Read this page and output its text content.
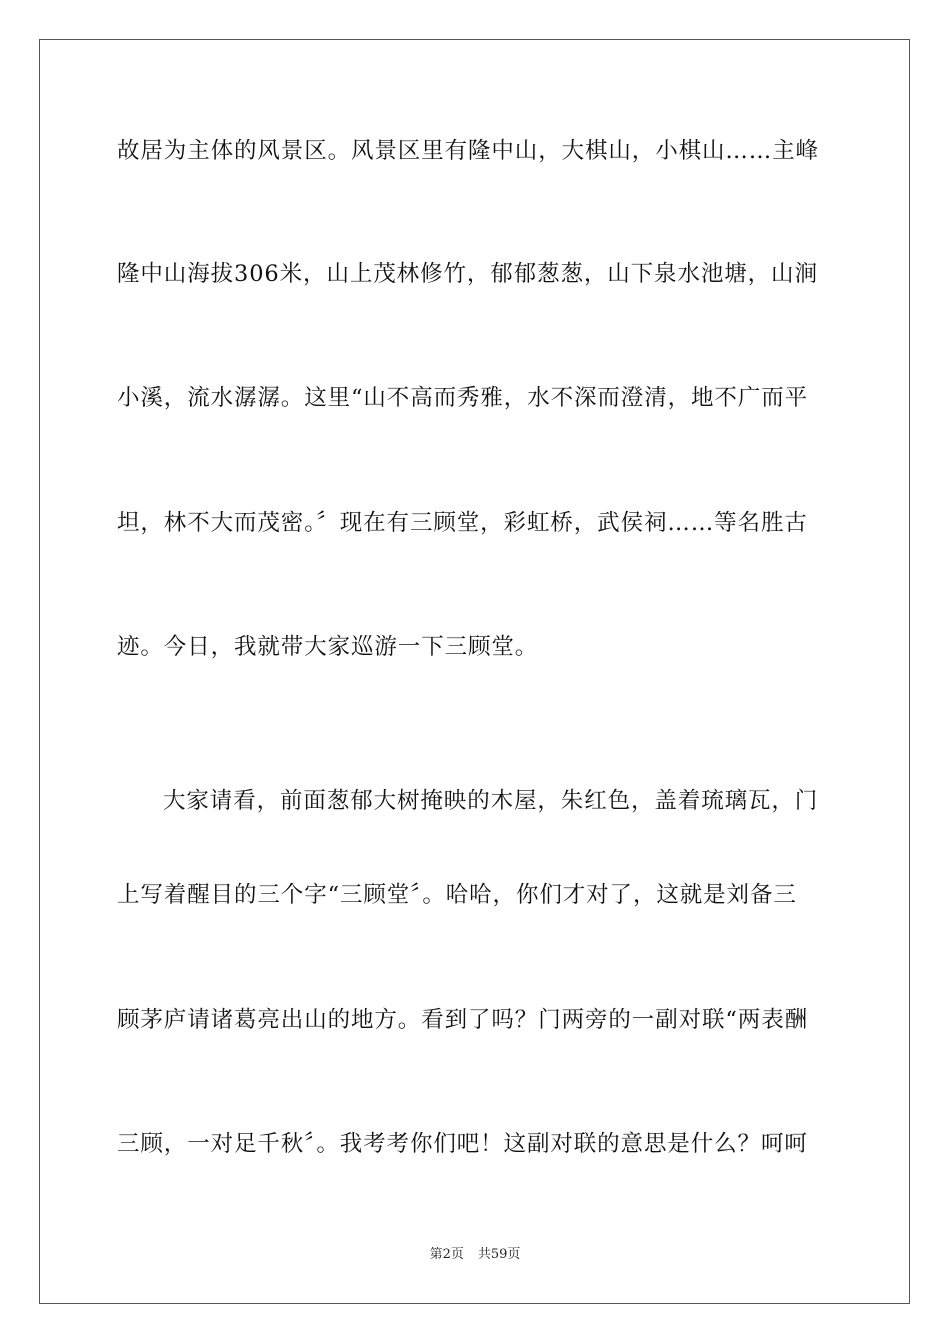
故居为主体的风景区。风景区里有隆中山，大棋山，小棋山……主峰
隆中山海拔306米，山上茂林修竹，郁郁葱葱，山下泉水池塘，山涧
小溪，流水潺潺。这里“山不高而秀雅，水不深而澄清，地不广而平
坦，林不大而茂密。〞现在有三顾堂，彩虹桥，武侯祠……等名胜古
迹。今日，我就带大家巡游一下三顾堂。
大家请看，前面葱郁大树掩映的木屋，朱红色，盖着琉璃瓦，门
上写着醒目的三个字“三顾堂〞。哈哈，你们才对了，这就是刘备三
顾茅庐请诸葛亮出山的地方。看到了吗？门两旁的一副对联“两表酬
三顾，一对足千秋〞。我考考你们吧！这副对联的意思是什么？呵呵
第2页 共59页
